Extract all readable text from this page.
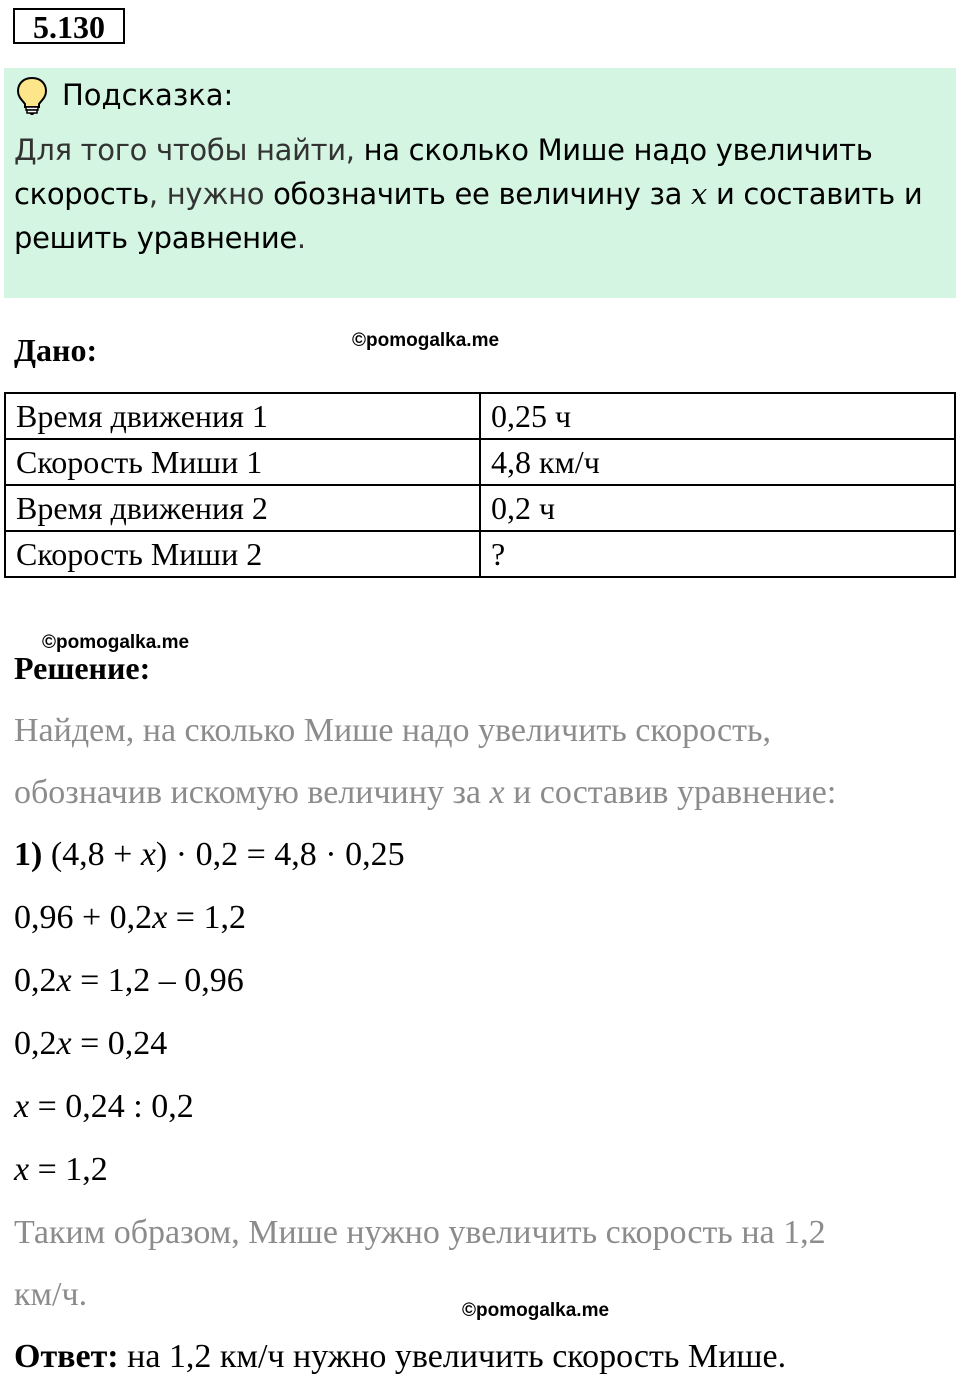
5.130
Подсказка:
Для того чтобы найти, на сколько Мише надо увеличить скорость, нужно обозначить ее величину за x и составить и решить уравнение.
Дано:	©pomogalka.me
Время движения 1	0,25 ч
Скорость Миши 1	4,8 км/ч
Время движения 2	0,2 ч
Скорость Миши 2	?
©pomogalka.me
Решение:
Найдем, на сколько Мише надо увеличить скорость,
обозначив искомую величину за x и составив уравнение:
1) (4,8 + x) · 0,2 = 4,8 · 0,25
0,96 + 0,2x = 1,2
0,2x = 1,2 – 0,96
0,2x = 0,24
x = 0,24 : 0,2
x = 1,2
Таким образом, Мише нужно увеличить скорость на 1,2
км/ч.	©pomogalka.me
Ответ: на 1,2 км/ч нужно увеличить скорость Мише.
